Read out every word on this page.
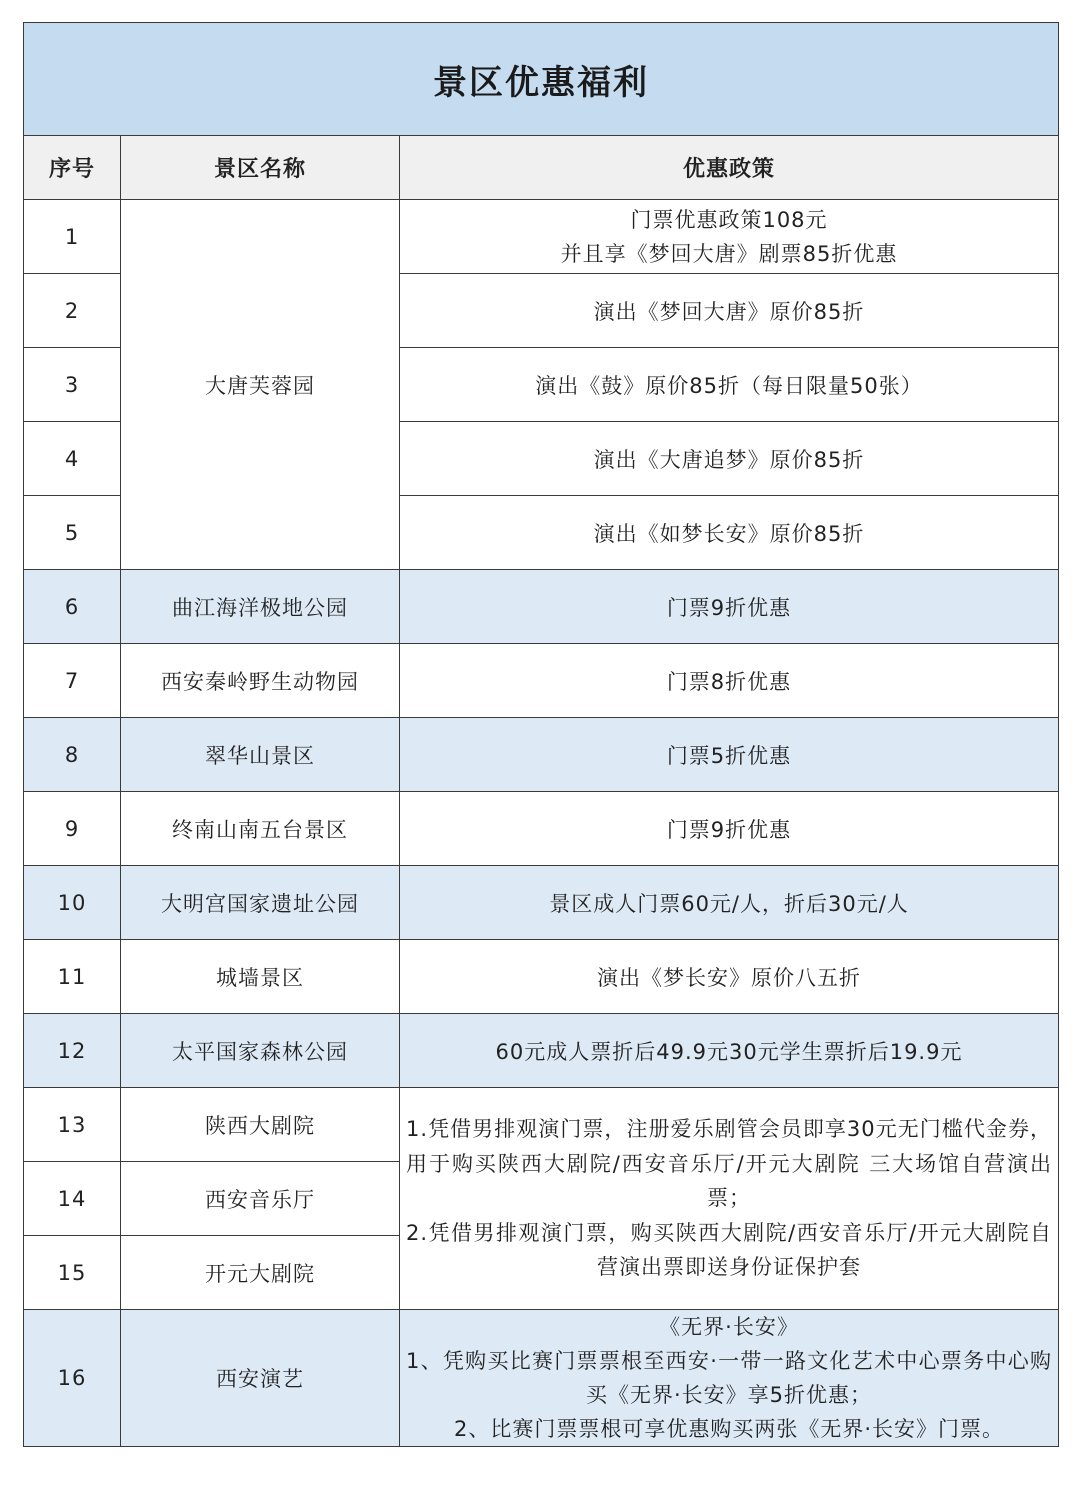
景区优惠福利		
序号	景区名称	优惠政策
1	大唐芙蓉园	门票优惠政策108元
并且享《梦回大唐》剧票85折优惠

2		演出《梦回大唐》原价85折
3		演出《鼓》原价85折（每日限量50张）
4		演出《大唐追梦》原价85折
5		演出《如梦长安》原价85折
6	曲江海洋极地公园	门票9折优惠
7	西安秦岭野生动物园	门票8折优惠
8	翠华山景区	门票5折优惠
9	终南山南五台景区	门票9折优惠
10	大明宫国家遗址公园	景区成人门票60元/人，折后30元/人
11	城墙景区	演出《梦长安》原价八五折
12	太平国家森林公园	60元成人票折后49.9元30元学生票折后19.9元
13	陕西大剧院	1.凭借男排观演门票，注册爱乐剧管会员即享30元无门槛代金券，用于购买陕西大剧院/西安音乐厅/开元大剧院 三大场馆自营演出票；
2.凭借男排观演门票，购买陕西大剧院/西安音乐厅/开元大剧院自营演出票即送身份证保护套

14	西安音乐厅	
15	开元大剧院	
16	西安演艺	《无界·长安》
1、凭购买比赛门票票根至西安·一带一路文化艺术中心票务中心购买《无界·长安》享5折优惠；
2、比赛门票票根可享优惠购买两张《无界·长安》门票。
